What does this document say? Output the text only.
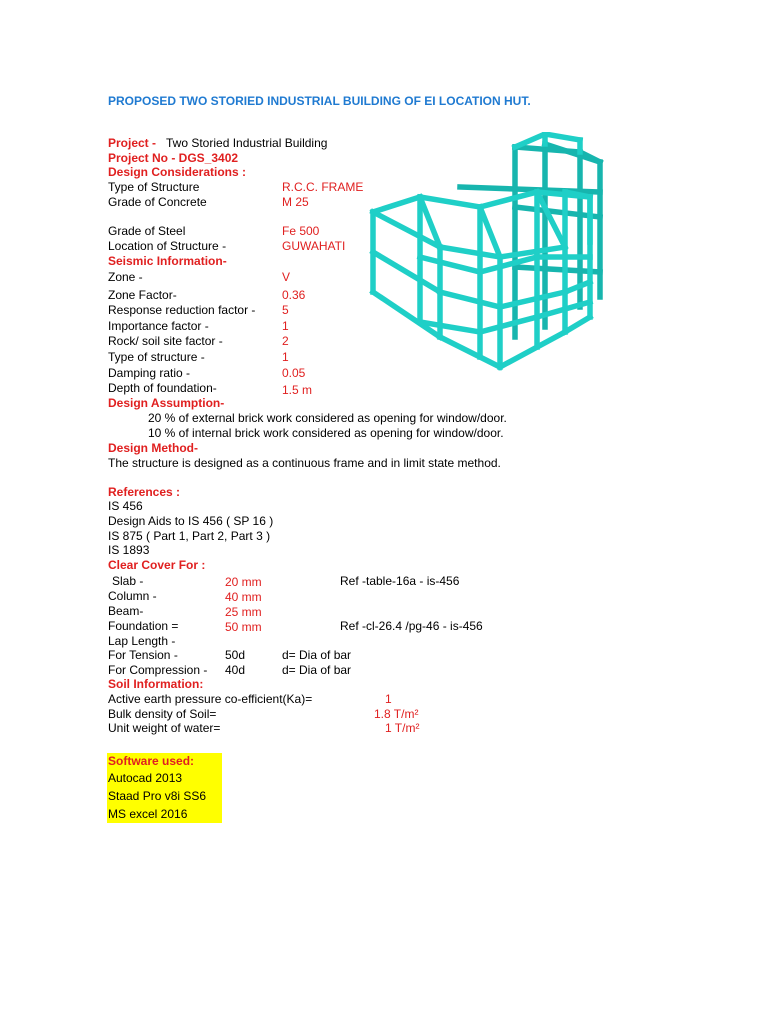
PROPOSED TWO STORIED INDUSTRIAL BUILDING OF EI LOCATION HUT.
Project - Two Storied Industrial Building
Project No - DGS_3402
Design Considerations :
Type of Structure	R.C.C. FRAME
Grade of Concrete	M 25
Grade of Steel	Fe 500
Location of Structure -	GUWAHATI
Seismic Information-
Zone -	V
Zone Factor-	0.36
Response reduction factor - 5
Importance factor -	1
Rock/ soil site factor -	2
Type of structure -	1
Damping ratio -	0.05
Depth of foundation-	1.5 m
Design Assumption-
20 % of external brick work considered as opening for window/door.
10 % of internal brick work considered as opening for window/door.
Design Method-
The structure is designed as a continuous frame and in limit state method.
References :
IS 456
Design Aids to IS 456 ( SP 16 )
IS 875 ( Part 1, Part 2, Part 3 )
IS 1893
Clear Cover For :
Slab -	20 mm	Ref -table-16a - is-456
Column -	40 mm
Beam-	25 mm
Foundation =	50 mm	Ref -cl-26.4 /pg-46 - is-456
Lap Length -
For Tension -	50d	d= Dia of bar
For Compression - 40d	d= Dia of bar
Soil Information:
Active earth pressure co-efficient(Ka)=	1
Bulk density of Soil=	1.8 T/m²
Unit weight of water=	1 T/m²
Software used:
Autocad 2013
Staad Pro v8i SS6
MS excel 2016
